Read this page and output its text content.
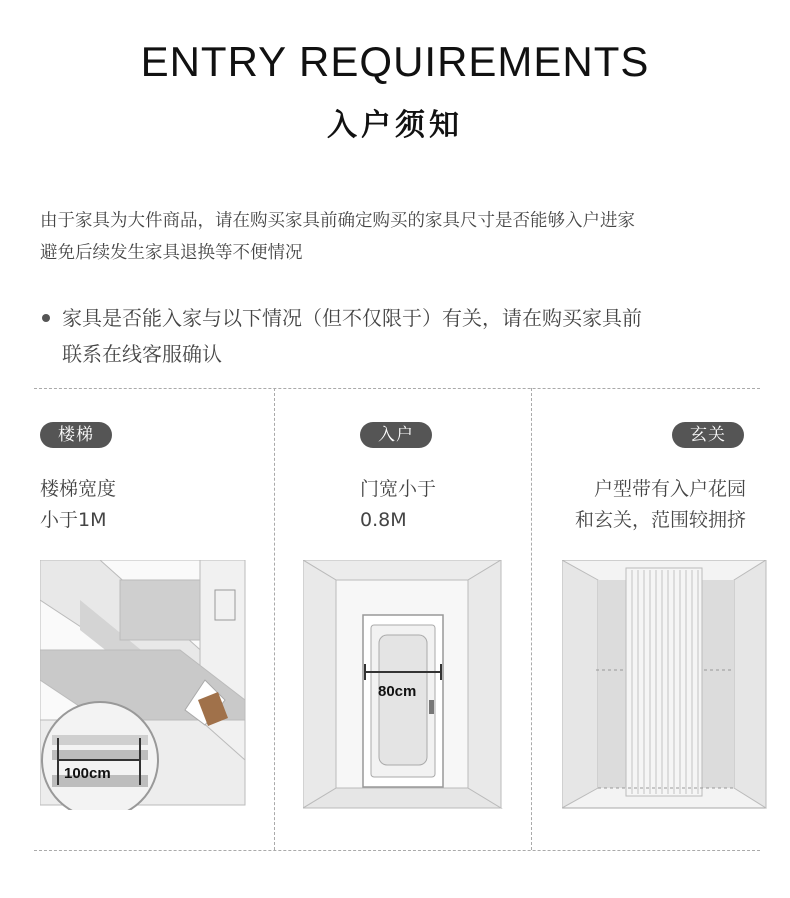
ENTRY REQUIREMENTS
入户须知
由于家具为大件商品，请在购买家具前确定购买的家具尺寸是否能够入户进家
避免后续发生家具退换等不便情况
家具是否能入家与以下情况（但不仅限于）有关，请在购买家具前
联系在线客服确认
楼梯
楼梯宽度
小于1M
100cm
入户
门宽小于
0.8M
80cm
玄关
户型带有入户花园
和玄关，范围较拥挤
